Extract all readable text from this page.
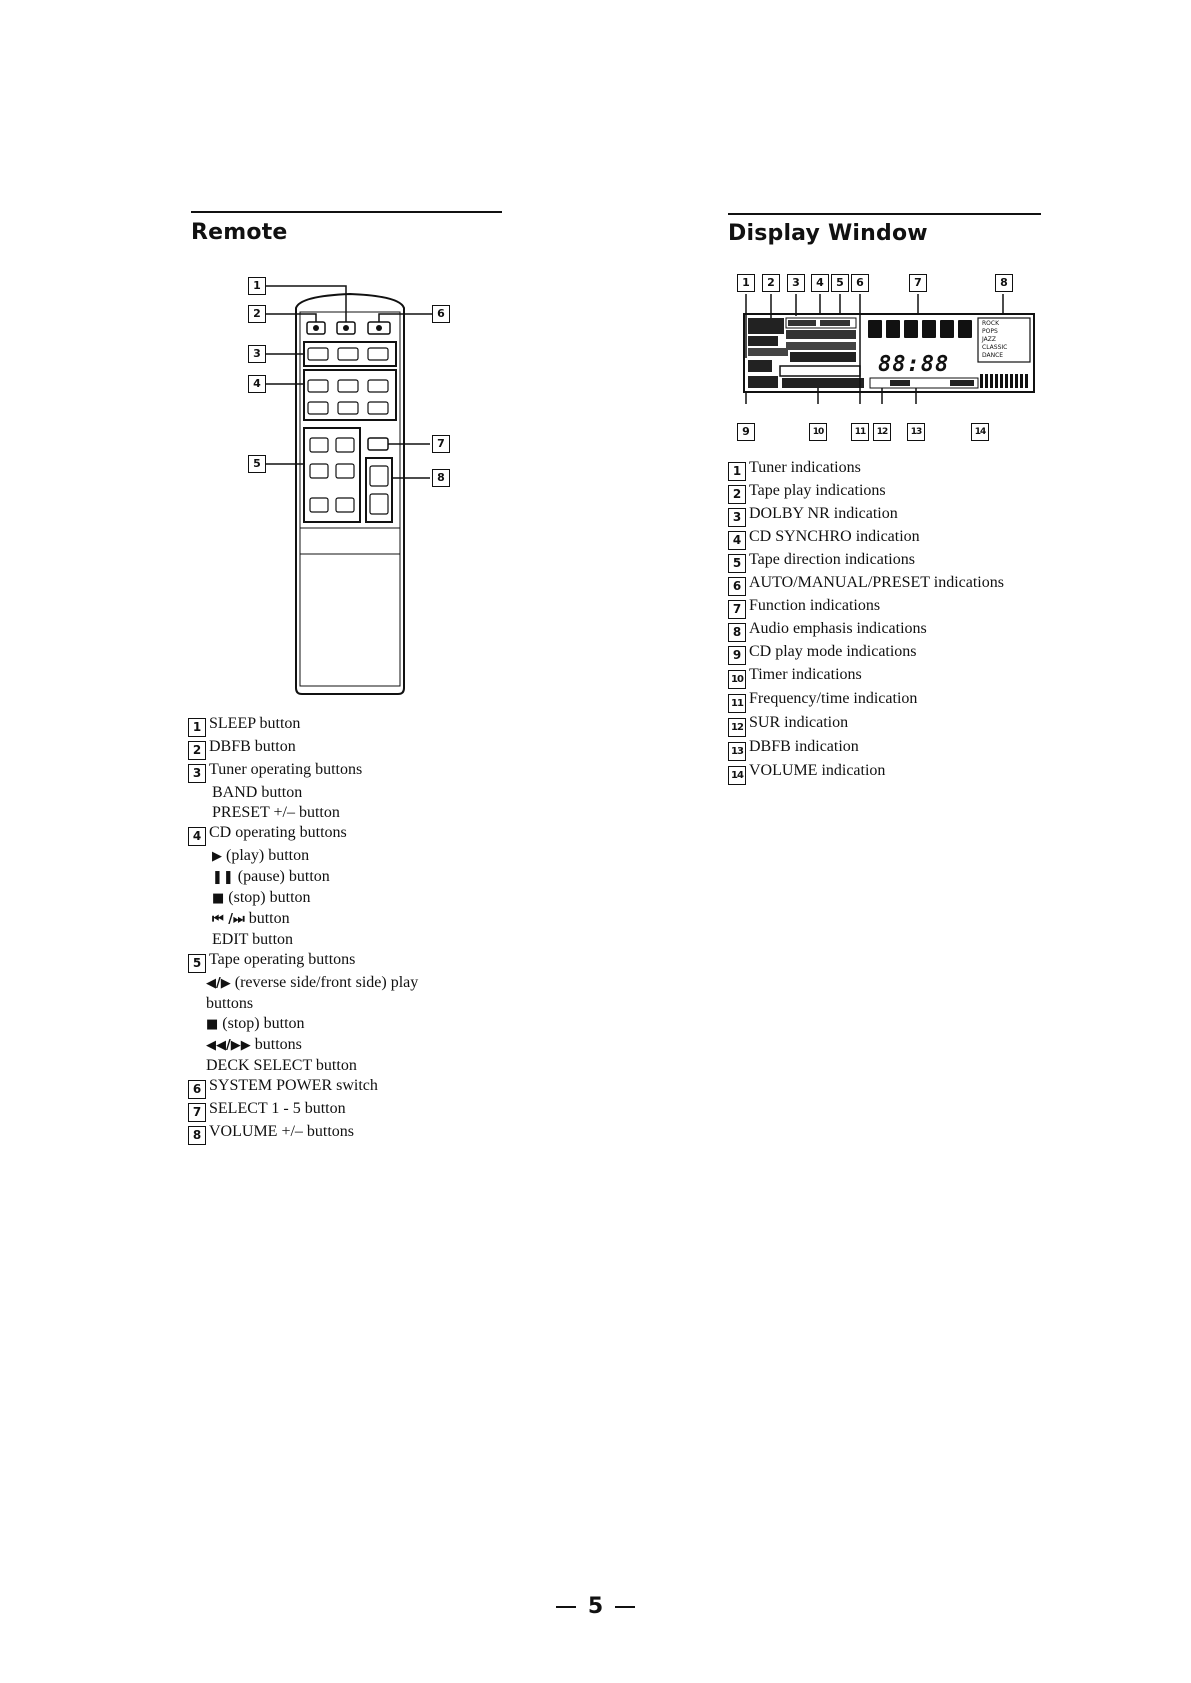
Remote
1
2
3
4
5
6
7
8
1 SLEEP button
2 DBFB button
3 Tuner operating buttons
BAND button
PRESET +/– button
4 CD operating buttons
▶ (play) button
❚❚ (pause) button
■ (stop) button
⏮ /⏭ button
EDIT button
5 Tape operating buttons
◀/▶ (reverse side/front side) play
buttons
■ (stop) button
◀◀/▶▶ buttons
DECK SELECT button
6 SYSTEM POWER switch
7 SELECT 1 - 5 button
8 VOLUME +/– buttons
Display Window
1	2	3	4	5	6	7	8
88:88
ROCK
POPS
JAZZ
CLASSIC
DANCE
9	10	11	12	13	14
1 Tuner indications
2 Tape play indications
3 DOLBY NR indication
4 CD SYNCHRO indication
5 Tape direction indications
6 AUTO/MANUAL/PRESET indications
7 Function indications
8 Audio emphasis indications
9 CD play mode indications
10 Timer indications
11 Frequency/time indication
12 SUR indication
13 DBFB indication
14 VOLUME indication
5
